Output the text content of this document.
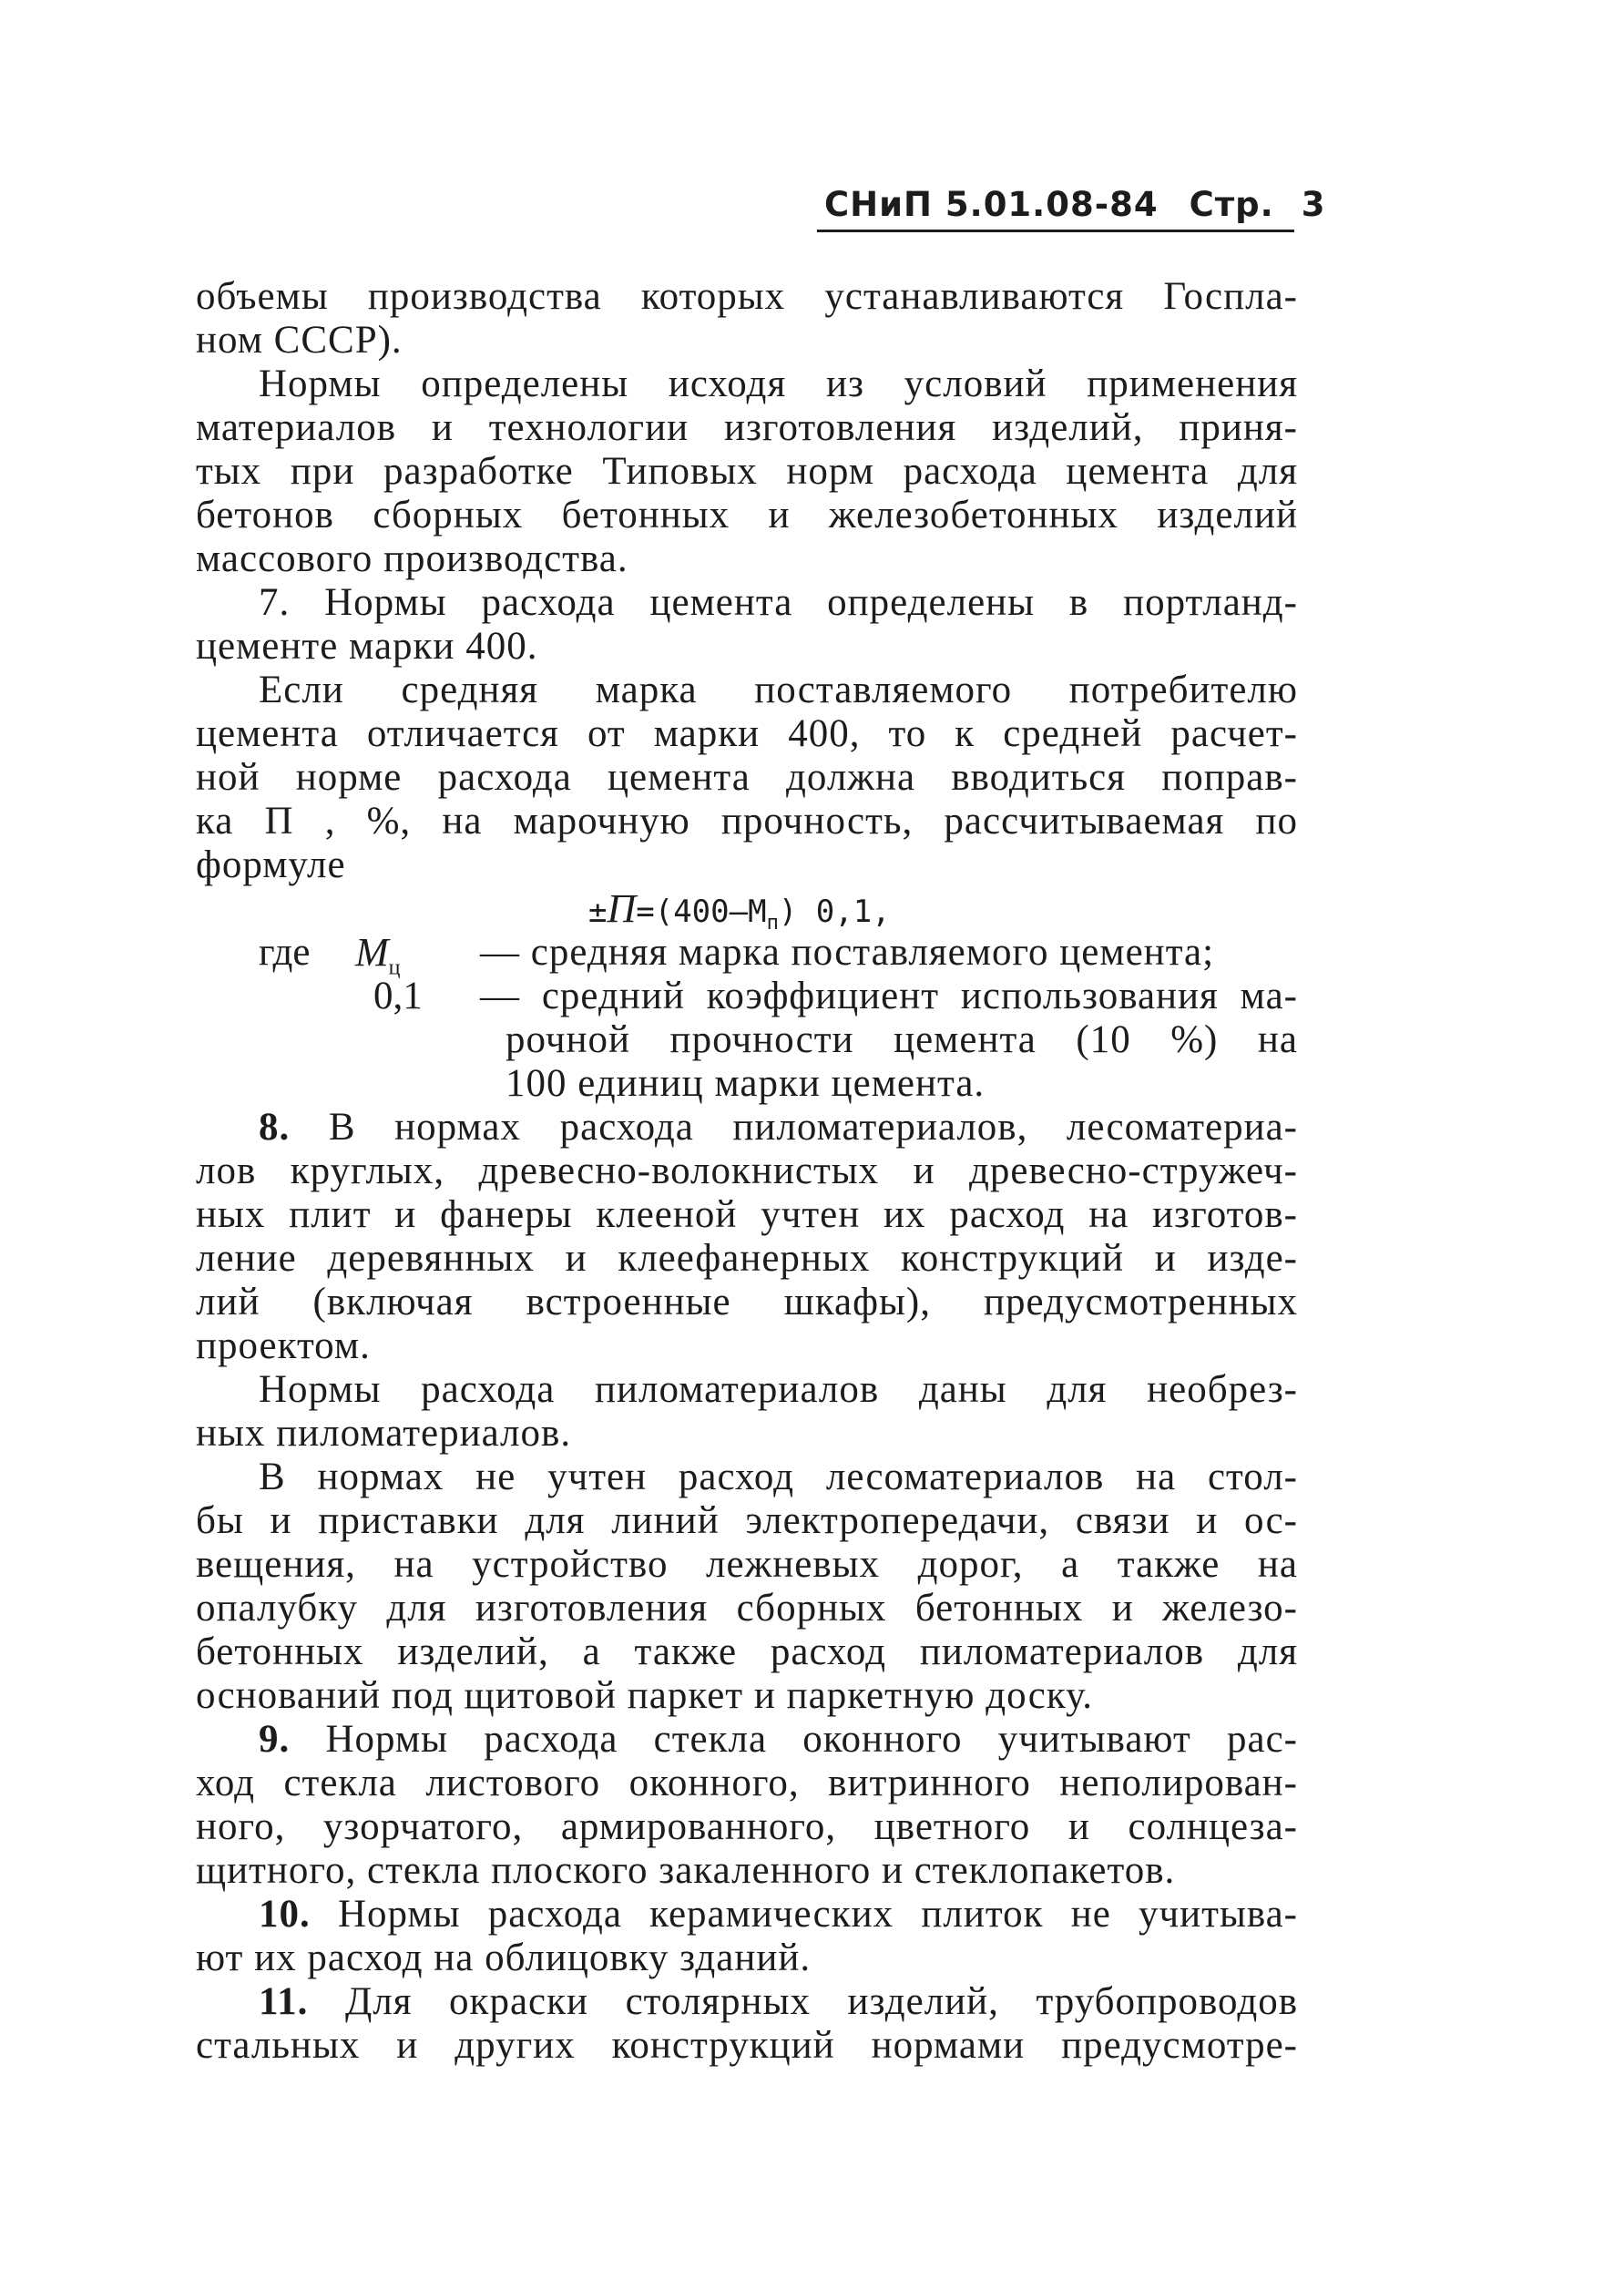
СНиП 5.01.08-84 Стр. 3
объемы производства которых устанавливаются Госпла-
ном СССР).
Нормы определены исходя из условий применения
материалов и технологии изготовления изделий, приня-
тых при разработке Типовых норм расхода цемента для
бетонов сборных бетонных и железобетонных изделий
массового производства.
7. Нормы расхода цемента определены в портланд-
цементе марки 400.
Если средняя марка поставляемого потребителю
цемента отличается от марки 400, то к средней расчет-
ной норме расхода цемента должна вводиться поправ-
ка П , %, на марочную прочность, рассчитываемая по
формуле
$\pm П=(400—М_п)$ 0,1,
где $М_ц$ — средняя марка поставляемого цемента;
0,1 — средний коэффициент использования ма-
рочной прочности цемента (10 %) на
100 единиц марки цемента.
8. В нормах расхода пиломатериалов, лесоматериа-
лов круглых, древесно-волокнистых и древесно-стружеч-
ных плит и фанеры клееной учтен их расход на изготов-
ление деревянных и клеефанерных конструкций и изде-
лий (включая встроенные шкафы), предусмотренных
проектом.
Нормы расхода пиломатериалов даны для необрез-
ных пиломатериалов.
В нормах не учтен расход лесоматериалов на стол-
бы и приставки для линий электропередачи, связи и ос-
вещения, на устройство лежневых дорог, а также на
опалубку для изготовления сборных бетонных и железо-
бетонных изделий, а также расход пиломатериалов для
оснований под щитовой паркет и паркетную доску.
9. Нормы расхода стекла оконного учитывают рас-
ход стекла листового оконного, витринного неполирован-
ного, узорчатого, армированного, цветного и солнцеза-
щитного, стекла плоского закаленного и стеклопакетов.
10. Нормы расхода керамических плиток не учитыва-
ют их расход на облицовку зданий.
11. Для окраски столярных изделий, трубопроводов
стальных и других конструкций нормами предусмотре-
